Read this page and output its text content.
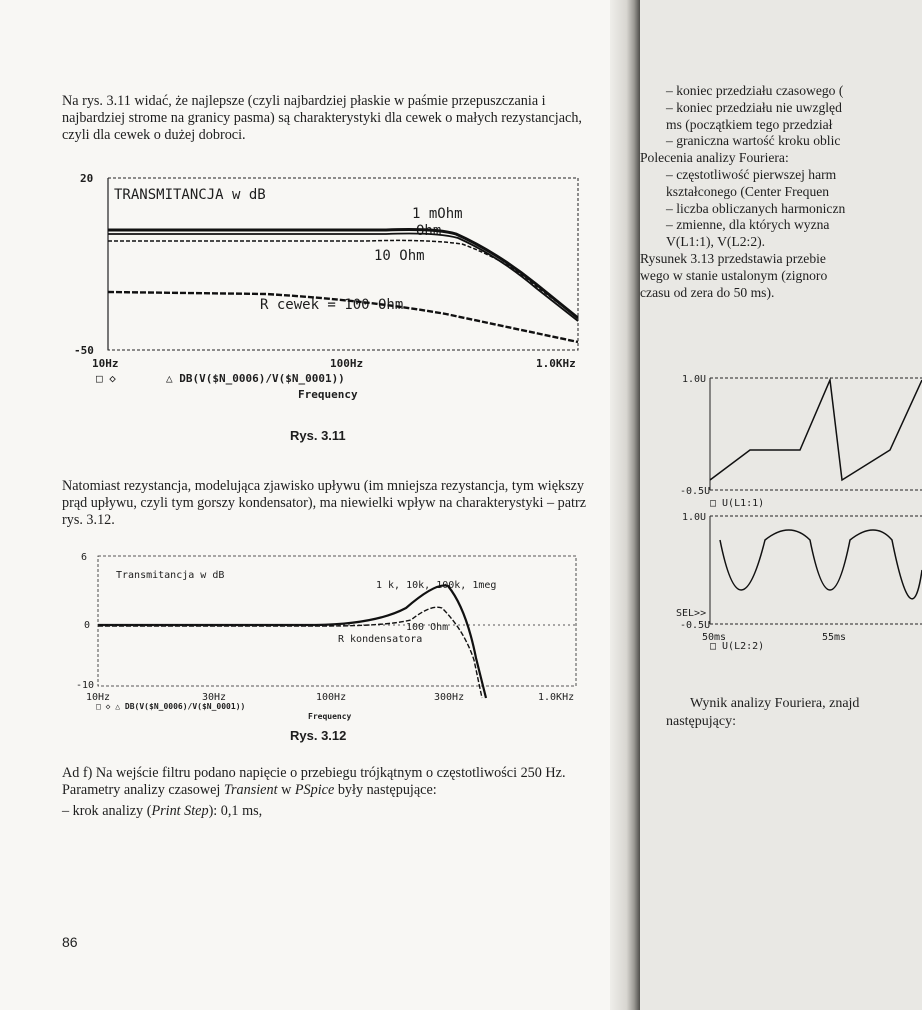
Na rys. 3.11 widać, że najlepsze (czyli najbardziej płaskie w paśmie przepuszczania i najbardziej strome na granicy pasma) są charakterystyki dla cewek o małych rezystancjach, czyli dla cewek o dużej dobroci.

20
-50
TRANSMITANCJA w dB
1 mOhm
Ohm
10 Ohm
R cewek = 100 Ohm
10Hz	100Hz	1.0KHz
□ ◇	△ DB(V($N_0006)/V($N_0001))
Frequency
Rys. 3.11

Natomiast rezystancja, modelująca zjawisko upływu (im mniejsza rezystancja, tym większy prąd upływu, czyli tym gorszy kondensator), ma niewielki wpływ na charakterystyki – patrz rys. 3.12.

6
0
-10
Transmitancja w dB
1 k, 10k, 100k, 1meg
100 Ohm
R kondensatora
10Hz	30Hz	100Hz	300Hz	1.0KHz
□ ◇ △ DB(V($N_0006)/V($N_0001))
Frequency
Rys. 3.12

Ad f) Na wejście filtru podano napięcie o przebiegu trójkątnym o częstotliwości 250 Hz. Parametry analizy czasowej Transient w PSpice były następujące:

– krok analizy (Print Step): 0,1 ms,

86
– koniec przedziału czasowego (
– koniec przedziału nie uwzględ
ms (początkiem tego przedział
– graniczna wartość kroku oblic
Polecenia analizy Fouriera:
– częstotliwość pierwszej harm
kształconego (Center Frequen
– liczba obliczanych harmoniczn
– zmienne, dla których wyzna
V(L1:1), V(L2:2).
Rysunek 3.13 przedstawia przebie
wego w stanie ustalonym (zignoro
czasu od zera do 50 ms).
1.0U
-0.5U
□ U(L1:1)
1.0U
SEL>>
-0.5U
50ms	55ms
□ U(L2:2)

Wynik analizy Fouriera, znajd

następujący:
